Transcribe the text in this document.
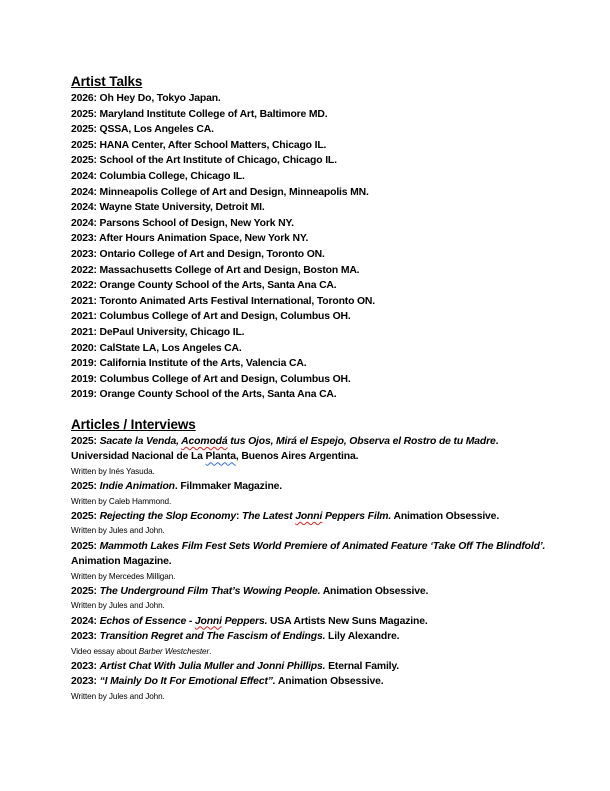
Artist Talks
2026: Oh Hey Do, Tokyo Japan.
2025: Maryland Institute College of Art, Baltimore MD.
2025: QSSA, Los Angeles CA.
2025: HANA Center, After School Matters, Chicago IL.
2025: School of the Art Institute of Chicago, Chicago IL.
2024: Columbia College, Chicago IL.
2024: Minneapolis College of Art and Design, Minneapolis MN.
2024: Wayne State University, Detroit MI.
2024: Parsons School of Design, New York NY.
2023: After Hours Animation Space, New York NY.
2023: Ontario College of Art and Design, Toronto ON.
2022: Massachusetts College of Art and Design, Boston MA.
2022: Orange County School of the Arts, Santa Ana CA.
2021: Toronto Animated Arts Festival International, Toronto ON.
2021: Columbus College of Art and Design, Columbus OH.
2021: DePaul University, Chicago IL.
2020: CalState LA, Los Angeles CA.
2019: California Institute of the Arts, Valencia CA.
2019: Columbus College of Art and Design, Columbus OH.
2019: Orange County School of the Arts, Santa Ana CA.
Articles / Interviews
2025: Sacate la Venda, Acomodá tus Ojos, Mirá el Espejo, Observa el Rostro de tu Madre.
Universidad Nacional de La Planta, Buenos Aires Argentina.
Written by Inés Yasuda.
2025: Indie Animation. Filmmaker Magazine.
Written by Caleb Hammond.
2025: Rejecting the Slop Economy: The Latest Jonni Peppers Film. Animation Obsessive.
Written by Jules and John.
2025: Mammoth Lakes Film Fest Sets World Premiere of Animated Feature ‘Take Off The Blindfold’. Animation Magazine.
Written by Mercedes Milligan.
2025: The Underground Film That’s Wowing People. Animation Obsessive.
Written by Jules and John.
2024: Echos of Essence - Jonni Peppers. USA Artists New Suns Magazine.
2023: Transition Regret and The Fascism of Endings. Lily Alexandre.
Video essay about Barber Westchester.
2023: Artist Chat With Julia Muller and Jonni Phillips. Eternal Family.
2023: “I Mainly Do It For Emotional Effect”. Animation Obsessive.
Written by Jules and John.
